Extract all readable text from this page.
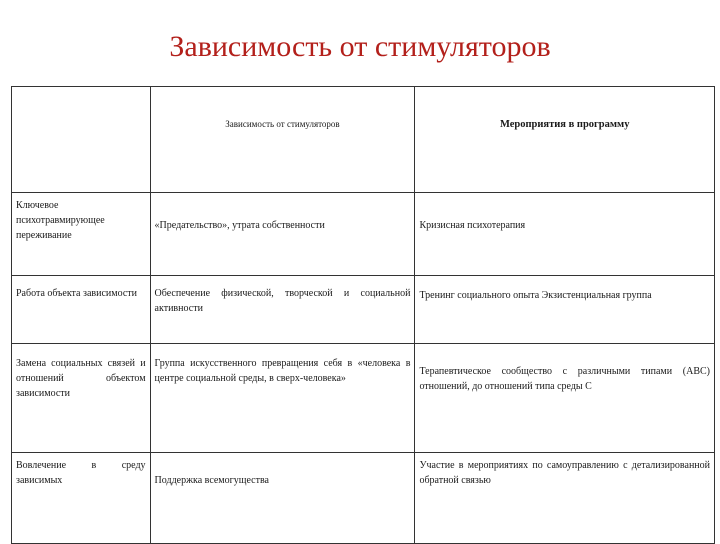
Зависимость от стимуляторов
	Зависимость от стимуляторов	Мероприятия в программу
Ключевое психотравмирующее переживание	«Предательство», утрата собственности	Кризисная психотерапия
Работа объекта зависимости	Обеспечение физической, творческой и социальной активности	Тренинг социального опыта Экзистенциальная группа
Замена социальных связей и отношений объектом зависимости	Группа искусственного превращения себя в «человека в центре социальной среды, в сверх-человека»	Терапевтическое сообщество с различными типами (ABC) отношений, до отношений типа среды C
Вовлечение в среду зависимых	Поддержка всемогущества	Участие в мероприятиях по самоуправлению с детализированной обратной связью
